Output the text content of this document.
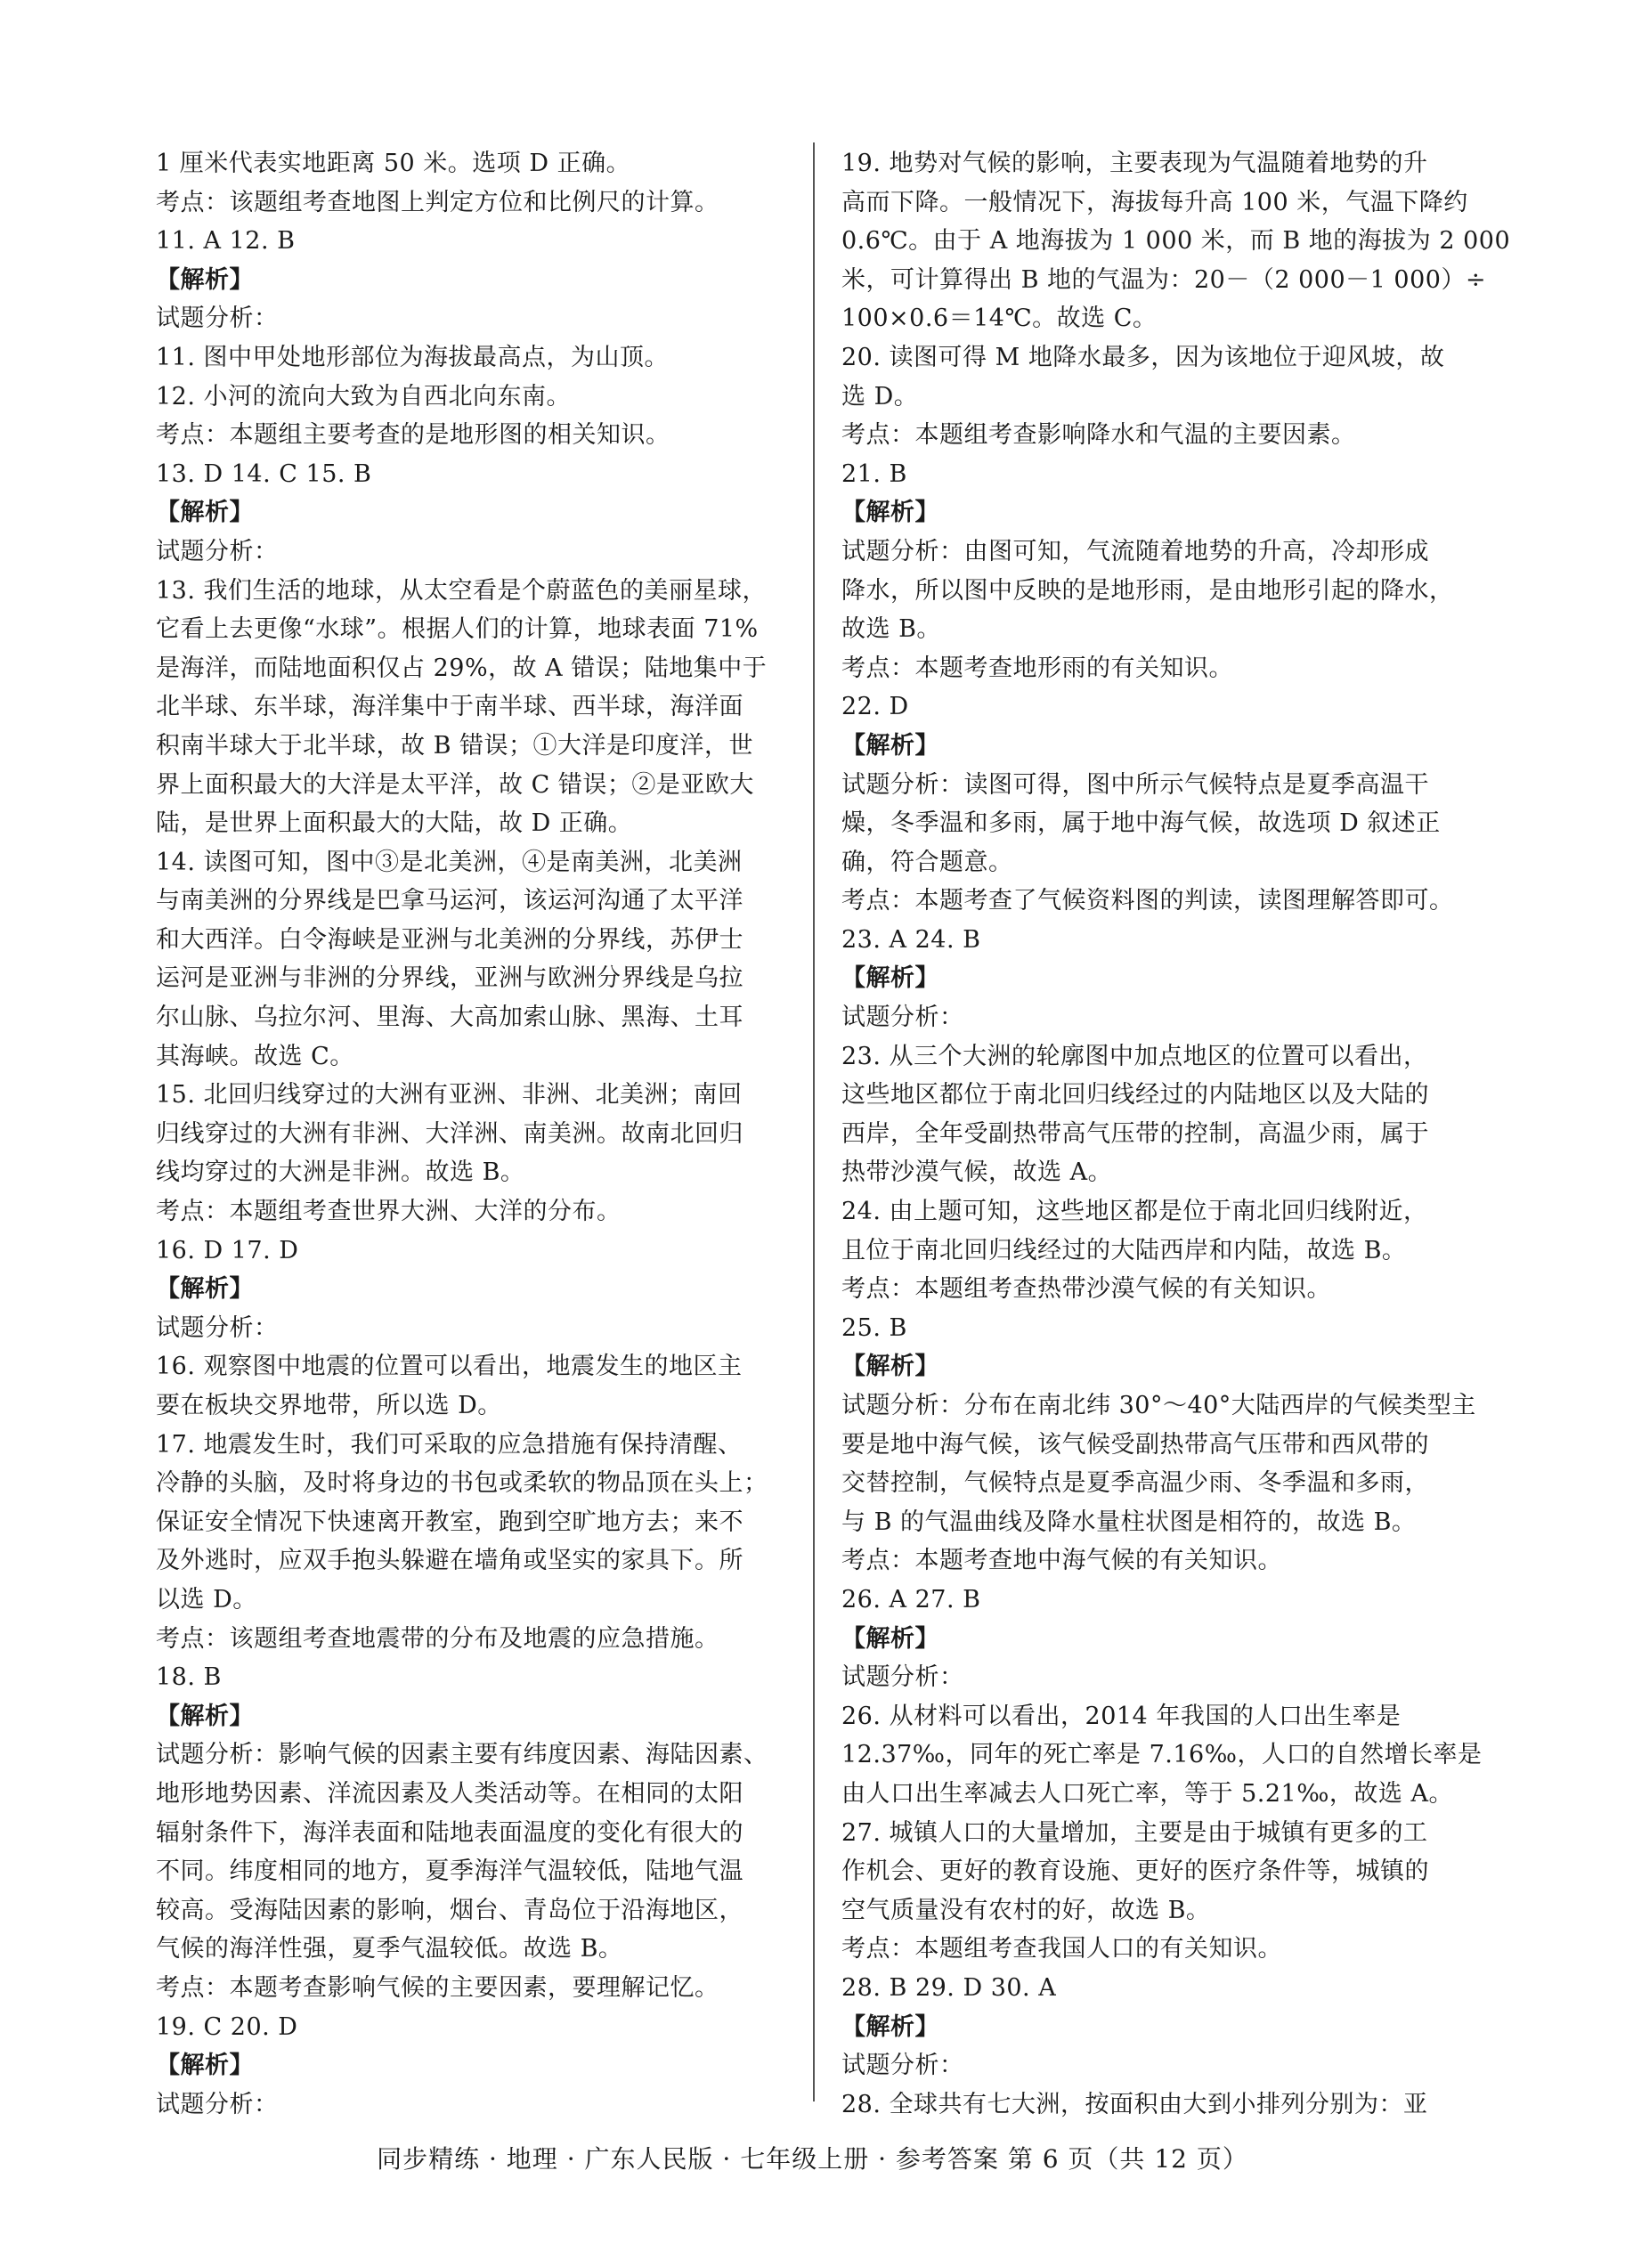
1 厘米代表实地距离 50 米。选项 D 正确。
考点：该题组考查地图上判定方位和比例尺的计算。
11. A 12. B
【解析】
试题分析：
11. 图中甲处地形部位为海拔最高点，为山顶。
12. 小河的流向大致为自西北向东南。
考点：本题组主要考查的是地形图的相关知识。
13. D 14. C 15. B
【解析】
试题分析：
13. 我们生活的地球，从太空看是个蔚蓝色的美丽星球，
它看上去更像“水球”。根据人们的计算，地球表面 71%
是海洋，而陆地面积仅占 29%，故 A 错误；陆地集中于
北半球、东半球，海洋集中于南半球、西半球，海洋面
积南半球大于北半球，故 B 错误；①大洋是印度洋，世
界上面积最大的大洋是太平洋，故 C 错误；②是亚欧大
陆，是世界上面积最大的大陆，故 D 正确。
14. 读图可知，图中③是北美洲，④是南美洲，北美洲
与南美洲的分界线是巴拿马运河，该运河沟通了太平洋
和大西洋。白令海峡是亚洲与北美洲的分界线，苏伊士
运河是亚洲与非洲的分界线，亚洲与欧洲分界线是乌拉
尔山脉、乌拉尔河、里海、大高加索山脉、黑海、土耳
其海峡。故选 C。
15. 北回归线穿过的大洲有亚洲、非洲、北美洲；南回
归线穿过的大洲有非洲、大洋洲、南美洲。故南北回归
线均穿过的大洲是非洲。故选 B。
考点：本题组考查世界大洲、大洋的分布。
16. D 17. D
【解析】
试题分析：
16. 观察图中地震的位置可以看出，地震发生的地区主
要在板块交界地带，所以选 D。
17. 地震发生时，我们可采取的应急措施有保持清醒、
冷静的头脑，及时将身边的书包或柔软的物品顶在头上；
保证安全情况下快速离开教室，跑到空旷地方去；来不
及外逃时，应双手抱头躲避在墙角或坚实的家具下。所
以选 D。
考点：该题组考查地震带的分布及地震的应急措施。
18. B
【解析】
试题分析：影响气候的因素主要有纬度因素、海陆因素、
地形地势因素、洋流因素及人类活动等。在相同的太阳
辐射条件下，海洋表面和陆地表面温度的变化有很大的
不同。纬度相同的地方，夏季海洋气温较低，陆地气温
较高。受海陆因素的影响，烟台、青岛位于沿海地区，
气候的海洋性强，夏季气温较低。故选 B。
考点：本题考查影响气候的主要因素，要理解记忆。
19. C 20. D
【解析】
试题分析：
19. 地势对气候的影响，主要表现为气温随着地势的升
高而下降。一般情况下，海拔每升高 100 米，气温下降约
0.6℃。由于 A 地海拔为 1 000 米，而 B 地的海拔为 2 000
米，可计算得出 B 地的气温为：20－（2 000－1 000）÷
100×0.6＝14℃。故选 C。
20. 读图可得 M 地降水最多，因为该地位于迎风坡，故
选 D。
考点：本题组考查影响降水和气温的主要因素。
21. B
【解析】
试题分析：由图可知，气流随着地势的升高，冷却形成
降水，所以图中反映的是地形雨，是由地形引起的降水，
故选 B。
考点：本题考查地形雨的有关知识。
22. D
【解析】
试题分析：读图可得，图中所示气候特点是夏季高温干
燥，冬季温和多雨，属于地中海气候，故选项 D 叙述正
确，符合题意。
考点：本题考查了气候资料图的判读，读图理解答即可。
23. A 24. B
【解析】
试题分析：
23. 从三个大洲的轮廓图中加点地区的位置可以看出，
这些地区都位于南北回归线经过的内陆地区以及大陆的
西岸，全年受副热带高气压带的控制，高温少雨，属于
热带沙漠气候，故选 A。
24. 由上题可知，这些地区都是位于南北回归线附近，
且位于南北回归线经过的大陆西岸和内陆，故选 B。
考点：本题组考查热带沙漠气候的有关知识。
25. B
【解析】
试题分析：分布在南北纬 30°～40°大陆西岸的气候类型主
要是地中海气候，该气候受副热带高气压带和西风带的
交替控制，气候特点是夏季高温少雨、冬季温和多雨，
与 B 的气温曲线及降水量柱状图是相符的，故选 B。
考点：本题考查地中海气候的有关知识。
26. A 27. B
【解析】
试题分析：
26. 从材料可以看出，2014 年我国的人口出生率是
12.37‰，同年的死亡率是 7.16‰，人口的自然增长率是
由人口出生率减去人口死亡率，等于 5.21‰，故选 A。
27. 城镇人口的大量增加，主要是由于城镇有更多的工
作机会、更好的教育设施、更好的医疗条件等，城镇的
空气质量没有农村的好，故选 B。
考点：本题组考查我国人口的有关知识。
28. B 29. D 30. A
【解析】
试题分析：
28. 全球共有七大洲，按面积由大到小排列分别为：亚
同步精练 · 地理 · 广东人民版 · 七年级上册 · 参考答案 第 6 页（共 12 页）
